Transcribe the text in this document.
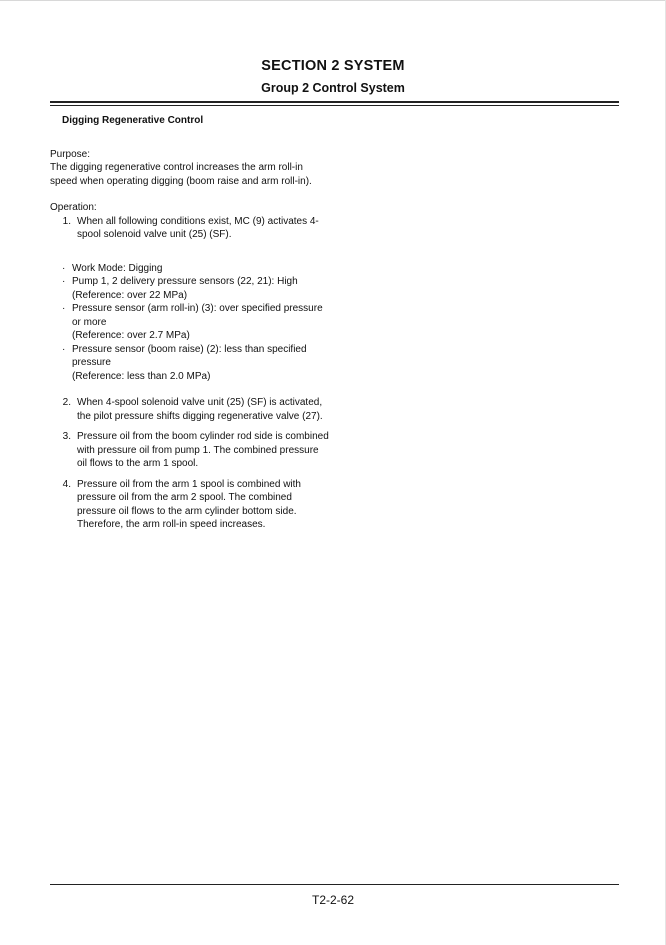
SECTION 2 SYSTEM
Group 2 Control System
Digging Regenerative Control
Purpose:

The digging regenerative control increases the arm roll-in speed when operating digging (boom raise and arm roll-in).

Operation:
1. When all following conditions exist, MC (9) activates 4-spool solenoid valve unit (25) (SF).
· Work Mode: Digging
· Pump 1, 2 delivery pressure sensors (22, 21): High
(Reference: over 22 MPa)
· Pressure sensor (arm roll-in) (3): over specified pressure or more
(Reference: over 2.7 MPa)
· Pressure sensor (boom raise) (2): less than specified pressure
(Reference: less than 2.0 MPa)
2. When 4-spool solenoid valve unit (25) (SF) is activated, the pilot pressure shifts digging regenerative valve (27).
3. Pressure oil from the boom cylinder rod side is combined with pressure oil from pump 1. The combined pressure oil flows to the arm 1 spool.
4. Pressure oil from the arm 1 spool is combined with pressure oil from the arm 2 spool. The combined pressure oil flows to the arm cylinder bottom side. Therefore, the arm roll-in speed increases.
T2-2-62
